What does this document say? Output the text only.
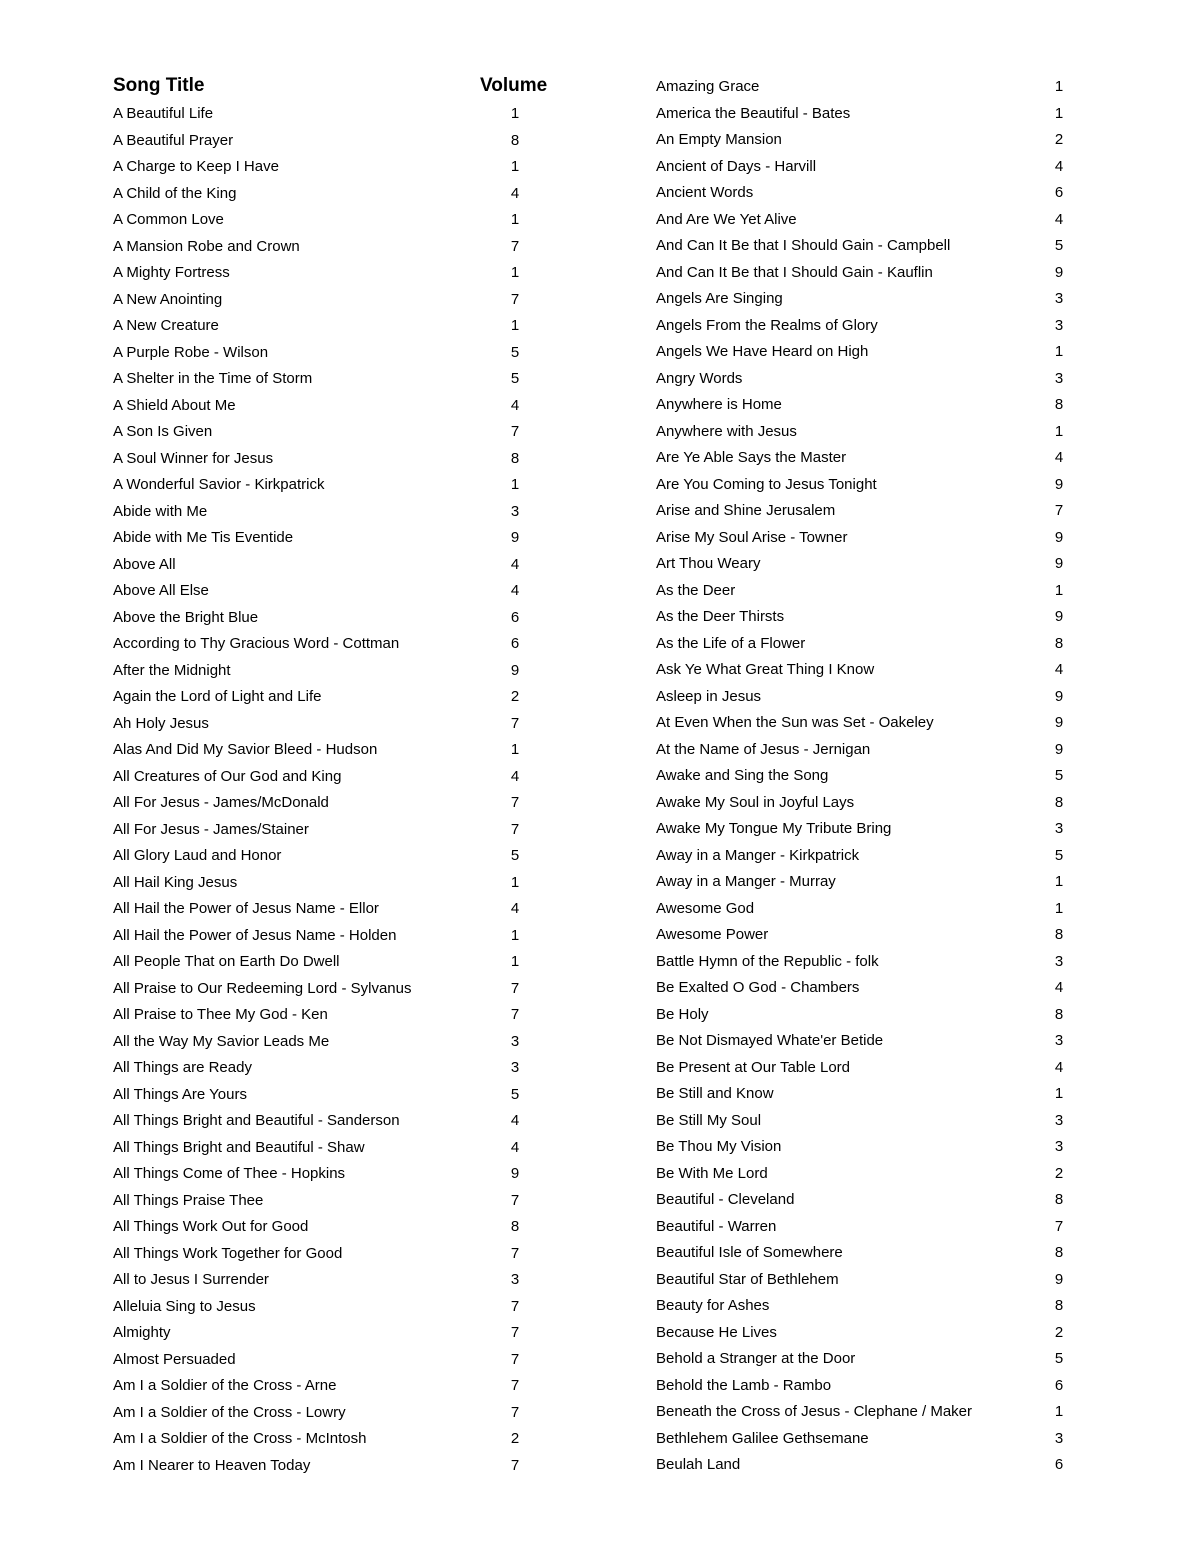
Song Title	Volume
A Beautiful Life	1
A Beautiful Prayer	8
A Charge to Keep I Have	1
A Child of the King	4
A Common Love	1
A Mansion Robe and Crown	7
A Mighty Fortress	1
A New Anointing	7
A New Creature	1
A Purple Robe - Wilson	5
A Shelter in the Time of Storm	5
A Shield About Me	4
A Son Is Given	7
A Soul Winner for Jesus	8
A Wonderful Savior - Kirkpatrick	1
Abide with Me	3
Abide with Me Tis Eventide	9
Above All	4
Above All Else	4
Above the Bright Blue	6
According to Thy Gracious Word - Cottman	6
After the Midnight	9
Again the Lord of Light and Life	2
Ah Holy Jesus	7
Alas And Did My Savior Bleed - Hudson	1
All Creatures of Our God and King	4
All For Jesus - James/McDonald	7
All For Jesus - James/Stainer	7
All Glory Laud and Honor	5
All Hail King Jesus	1
All Hail the Power of Jesus Name - Ellor	4
All Hail the Power of Jesus Name - Holden	1
All People That on Earth Do Dwell	1
All Praise to Our Redeeming Lord - Sylvanus	7
All Praise to Thee My God - Ken	7
All the Way My Savior Leads Me	3
All Things are Ready	3
All Things Are Yours	5
All Things Bright and Beautiful - Sanderson	4
All Things Bright and Beautiful - Shaw	4
All Things Come of Thee - Hopkins	9
All Things Praise Thee	7
All Things Work Out for Good	8
All Things Work Together for Good	7
All to Jesus I Surrender	3
Alleluia Sing to Jesus	7
Almighty	7
Almost Persuaded	7
Am I a Soldier of the Cross - Arne	7
Am I a Soldier of the Cross - Lowry	7
Am I a Soldier of the Cross - McIntosh	2
Am I Nearer to Heaven Today	7
Amazing Grace	1
America the Beautiful - Bates	1
An Empty Mansion	2
Ancient of Days - Harvill	4
Ancient Words	6
And Are We Yet Alive	4
And Can It Be that I Should Gain - Campbell	5
And Can It Be that I Should Gain - Kauflin	9
Angels Are Singing	3
Angels From the Realms of Glory	3
Angels We Have Heard on High	1
Angry Words	3
Anywhere is Home	8
Anywhere with Jesus	1
Are Ye Able Says the Master	4
Are You Coming to Jesus Tonight	9
Arise and Shine Jerusalem	7
Arise My Soul Arise - Towner	9
Art Thou Weary	9
As the Deer	1
As the Deer Thirsts	9
As the Life of a Flower	8
Ask Ye What Great Thing I Know	4
Asleep in Jesus	9
At Even When the Sun was Set - Oakeley	9
At the Name of Jesus - Jernigan	9
Awake and Sing the Song	5
Awake My Soul in Joyful Lays	8
Awake My Tongue My Tribute Bring	3
Away in a Manger - Kirkpatrick	5
Away in a Manger - Murray	1
Awesome God	1
Awesome Power	8
Battle Hymn of the Republic - folk	3
Be Exalted O God - Chambers	4
Be Holy	8
Be Not Dismayed Whate'er Betide	3
Be Present at Our Table Lord	4
Be Still and Know	1
Be Still My Soul	3
Be Thou My Vision	3
Be With Me Lord	2
Beautiful - Cleveland	8
Beautiful - Warren	7
Beautiful Isle of Somewhere	8
Beautiful Star of Bethlehem	9
Beauty for Ashes	8
Because He Lives	2
Behold a Stranger at the Door	5
Behold the Lamb - Rambo	6
Beneath the Cross of Jesus - Clephane / Maker	1
Bethlehem Galilee Gethsemane	3
Beulah Land	6
